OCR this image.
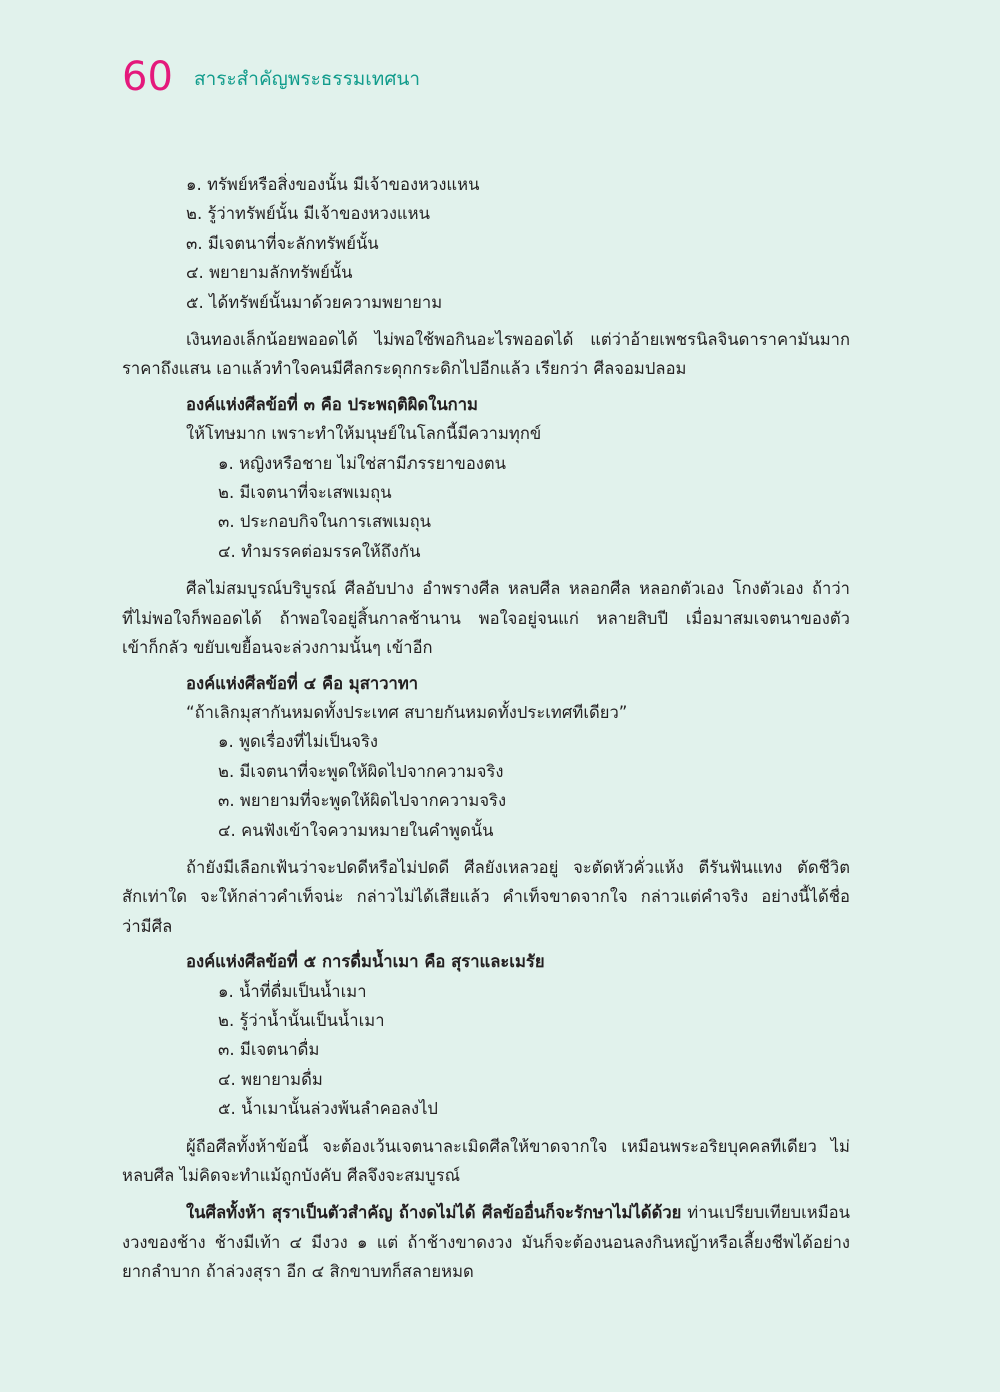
60 สาระสำคัญพระธรรมเทศนา
๑. ทรัพย์หรือสิ่งของนั้น มีเจ้าของหวงแหน
๒. รู้ว่าทรัพย์นั้น มีเจ้าของหวงแหน
๓. มีเจตนาที่จะลักทรัพย์นั้น
๔. พยายามลักทรัพย์นั้น
๕. ได้ทรัพย์นั้นมาด้วยความพยายาม
เงินทองเล็กน้อยพออดได้ ไม่พอใช้พอกินอะไรพออดได้ แต่ว่าอ้ายเพชรนิลจินดาราคามันมาก
ราคาถึงแสน เอาแล้วทำใจคนมีศีลกระดุกกระดิกไปอีกแล้ว เรียกว่า ศีลจอมปลอม
องค์แห่งศีลข้อที่ ๓ คือ ประพฤติผิดในกาม
ให้โทษมาก เพราะทำให้มนุษย์ในโลกนี้มีความทุกข์
๑. หญิงหรือชาย ไม่ใช่สามีภรรยาของตน
๒. มีเจตนาที่จะเสพเมถุน
๓. ประกอบกิจในการเสพเมถุน
๔. ทำมรรคต่อมรรคให้ถึงกัน
ศีลไม่สมบูรณ์บริบูรณ์ ศีลอับปาง อำพรางศีล หลบศีล หลอกศีล หลอกตัวเอง โกงตัวเอง ถ้าว่า
ที่ไม่พอใจก็พออดได้ ถ้าพอใจอยู่สิ้นกาลช้านาน พอใจอยู่จนแก่ หลายสิบปี เมื่อมาสมเจตนาของตัว
เข้าก็กลัว ขยับเขยื้อนจะล่วงกามนั้นๆ เข้าอีก
องค์แห่งศีลข้อที่ ๔ คือ มุสาวาทา
“ถ้าเลิกมุสากันหมดทั้งประเทศ สบายกันหมดทั้งประเทศทีเดียว”
๑. พูดเรื่องที่ไม่เป็นจริง
๒. มีเจตนาที่จะพูดให้ผิดไปจากความจริง
๓. พยายามที่จะพูดให้ผิดไปจากความจริง
๔. คนฟังเข้าใจความหมายในคำพูดนั้น
ถ้ายังมีเลือกเฟ้นว่าจะปดดีหรือไม่ปดดี ศีลยังเหลวอยู่ จะตัดหัวคั่วแห้ง ตีรันฟันแทง ตัดชีวิต
สักเท่าใด จะให้กล่าวคำเท็จน่ะ กล่าวไม่ได้เสียแล้ว คำเท็จขาดจากใจ กล่าวแต่คำจริง อย่างนี้ได้ชื่อ
ว่ามีศีล
องค์แห่งศีลข้อที่ ๕ การดื่มน้ำเมา คือ สุราและเมรัย
๑. น้ำที่ดื่มเป็นน้ำเมา
๒. รู้ว่าน้ำนั้นเป็นน้ำเมา
๓. มีเจตนาดื่ม
๔. พยายามดื่ม
๕. น้ำเมานั้นล่วงพ้นลำคอลงไป
ผู้ถือศีลทั้งห้าข้อนี้ จะต้องเว้นเจตนาละเมิดศีลให้ขาดจากใจ เหมือนพระอริยบุคคลทีเดียว ไม่
หลบศีล ไม่คิดจะทำแม้ถูกบังคับ ศีลจึงจะสมบูรณ์
ในศีลทั้งห้า สุราเป็นตัวสำคัญ ถ้างดไม่ได้ ศีลข้ออื่นก็จะรักษาไม่ได้ด้วย ท่านเปรียบเทียบเหมือน
งวงของช้าง ช้างมีเท้า ๔ มีงวง ๑ แต่ ถ้าช้างขาดงวง มันก็จะต้องนอนลงกินหญ้าหรือเลี้ยงชีพได้อย่าง
ยากลำบาก ถ้าล่วงสุรา อีก ๔ สิกขาบทก็สลายหมด
